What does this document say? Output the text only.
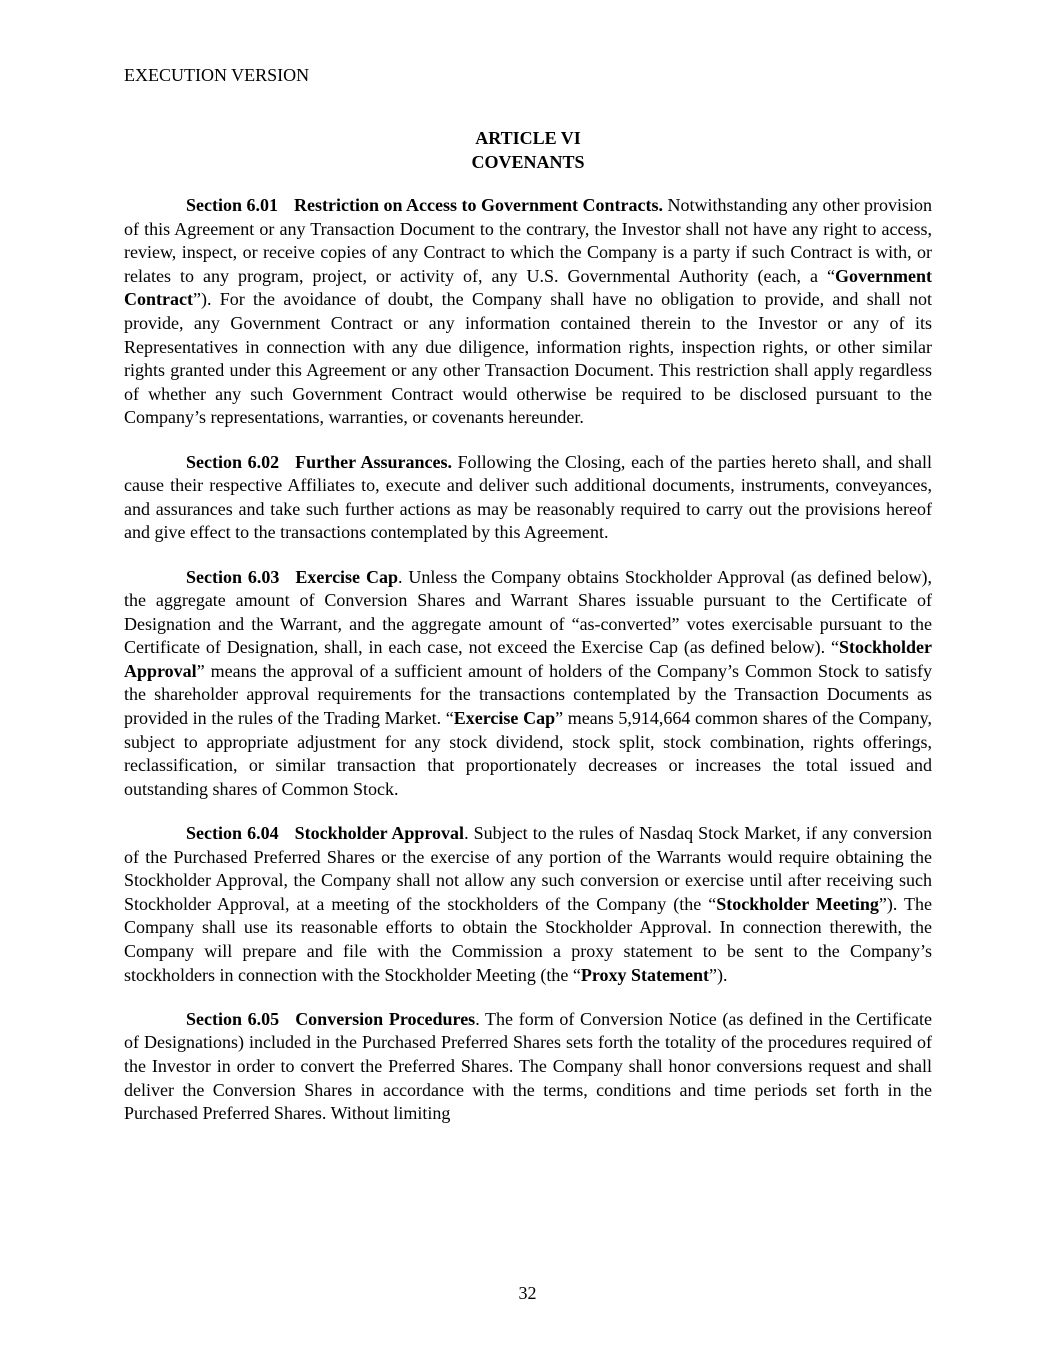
EXECUTION VERSION
ARTICLE VI
COVENANTS

Section 6.01 Restriction on Access to Government Contracts. Notwithstanding any other provision of this Agreement or any Transaction Document to the contrary, the Investor shall not have any right to access, review, inspect, or receive copies of any Contract to which the Company is a party if such Contract is with, or relates to any program, project, or activity of, any U.S. Governmental Authority (each, a “Government Contract”). For the avoidance of doubt, the Company shall have no obligation to provide, and shall not provide, any Government Contract or any information contained therein to the Investor or any of its Representatives in connection with any due diligence, information rights, inspection rights, or other similar rights granted under this Agreement or any other Transaction Document. This restriction shall apply regardless of whether any such Government Contract would otherwise be required to be disclosed pursuant to the Company’s representations, warranties, or covenants hereunder.

Section 6.02 Further Assurances. Following the Closing, each of the parties hereto shall, and shall cause their respective Affiliates to, execute and deliver such additional documents, instruments, conveyances, and assurances and take such further actions as may be reasonably required to carry out the provisions hereof and give effect to the transactions contemplated by this Agreement.

Section 6.03 Exercise Cap. Unless the Company obtains Stockholder Approval (as defined below), the aggregate amount of Conversion Shares and Warrant Shares issuable pursuant to the Certificate of Designation and the Warrant, and the aggregate amount of “as-converted” votes exercisable pursuant to the Certificate of Designation, shall, in each case, not exceed the Exercise Cap (as defined below). “Stockholder Approval” means the approval of a sufficient amount of holders of the Company’s Common Stock to satisfy the shareholder approval requirements for the transactions contemplated by the Transaction Documents as provided in the rules of the Trading Market. “Exercise Cap” means 5,914,664 common shares of the Company, subject to appropriate adjustment for any stock dividend, stock split, stock combination, rights offerings, reclassification, or similar transaction that proportionately decreases or increases the total issued and outstanding shares of Common Stock.

Section 6.04 Stockholder Approval. Subject to the rules of Nasdaq Stock Market, if any conversion of the Purchased Preferred Shares or the exercise of any portion of the Warrants would require obtaining the Stockholder Approval, the Company shall not allow any such conversion or exercise until after receiving such Stockholder Approval, at a meeting of the stockholders of the Company (the “Stockholder Meeting”). The Company shall use its reasonable efforts to obtain the Stockholder Approval. In connection therewith, the Company will prepare and file with the Commission a proxy statement to be sent to the Company’s stockholders in connection with the Stockholder Meeting (the “Proxy Statement”).

Section 6.05 Conversion Procedures. The form of Conversion Notice (as defined in the Certificate of Designations) included in the Purchased Preferred Shares sets forth the totality of the procedures required of the Investor in order to convert the Preferred Shares. The Company shall honor conversions request and shall deliver the Conversion Shares in accordance with the terms, conditions and time periods set forth in the Purchased Preferred Shares. Without limiting

32
